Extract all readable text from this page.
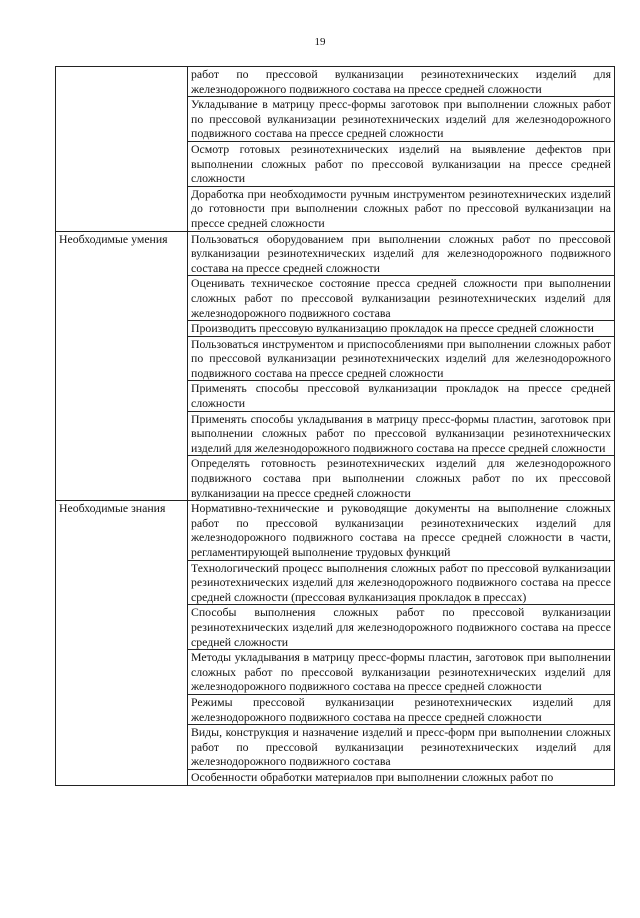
19
	работ по прессовой вулканизации резинотехнических изделий для железнодорожного подвижного состава на прессе средней сложности
	Укладывание в матрицу пресс-формы заготовок при выполнении сложных работ по прессовой вулканизации резинотехнических изделий для железнодорожного подвижного состава на прессе средней сложности
	Осмотр готовых резинотехнических изделий на выявление дефектов при выполнении сложных работ по прессовой вулканизации на прессе средней сложности
	Доработка при необходимости ручным инструментом резинотехнических изделий до готовности при выполнении сложных работ по прессовой вулканизации на прессе средней сложности

Необходимые умения	Пользоваться оборудованием при выполнении сложных работ по прессовой вулканизации резинотехнических изделий для железнодорожного подвижного состава на прессе средней сложности
	Оценивать техническое состояние пресса средней сложности при выполнении сложных работ по прессовой вулканизации резинотехнических изделий для железнодорожного подвижного состава
	Производить прессовую вулканизацию прокладок на прессе средней сложности
	Пользоваться инструментом и приспособлениями при выполнении сложных работ по прессовой вулканизации резинотехнических изделий для железнодорожного подвижного состава на прессе средней сложности
	Применять способы прессовой вулканизации прокладок на прессе средней сложности
	Применять способы укладывания в матрицу пресс-формы пластин, заготовок при выполнении сложных работ по прессовой вулканизации резинотехнических изделий для железнодорожного подвижного состава на прессе средней сложности
	Определять готовность резинотехнических изделий для железнодорожного подвижного состава при выполнении сложных работ по их прессовой вулканизации на прессе средней сложности

Необходимые знания	Нормативно-технические и руководящие документы на выполнение сложных работ по прессовой вулканизации резинотехнических изделий для железнодорожного подвижного состава на прессе средней сложности в части, регламентирующей выполнение трудовых функций
	Технологический процесс выполнения сложных работ по прессовой вулканизации резинотехнических изделий для железнодорожного подвижного состава на прессе средней сложности (прессовая вулканизация прокладок в прессах)
	Способы выполнения сложных работ по прессовой вулканизации резинотехнических изделий для железнодорожного подвижного состава на прессе средней сложности
	Методы укладывания в матрицу пресс-формы пластин, заготовок при выполнении сложных работ по прессовой вулканизации резинотехнических изделий для железнодорожного подвижного состава на прессе средней сложности
	Режимы прессовой вулканизации резинотехнических изделий для железнодорожного подвижного состава на прессе средней сложности
	Виды, конструкция и назначение изделий и пресс-форм при выполнении сложных работ по прессовой вулканизации резинотехнических изделий для железнодорожного подвижного состава
	Особенности обработки материалов при выполнении сложных работ по
